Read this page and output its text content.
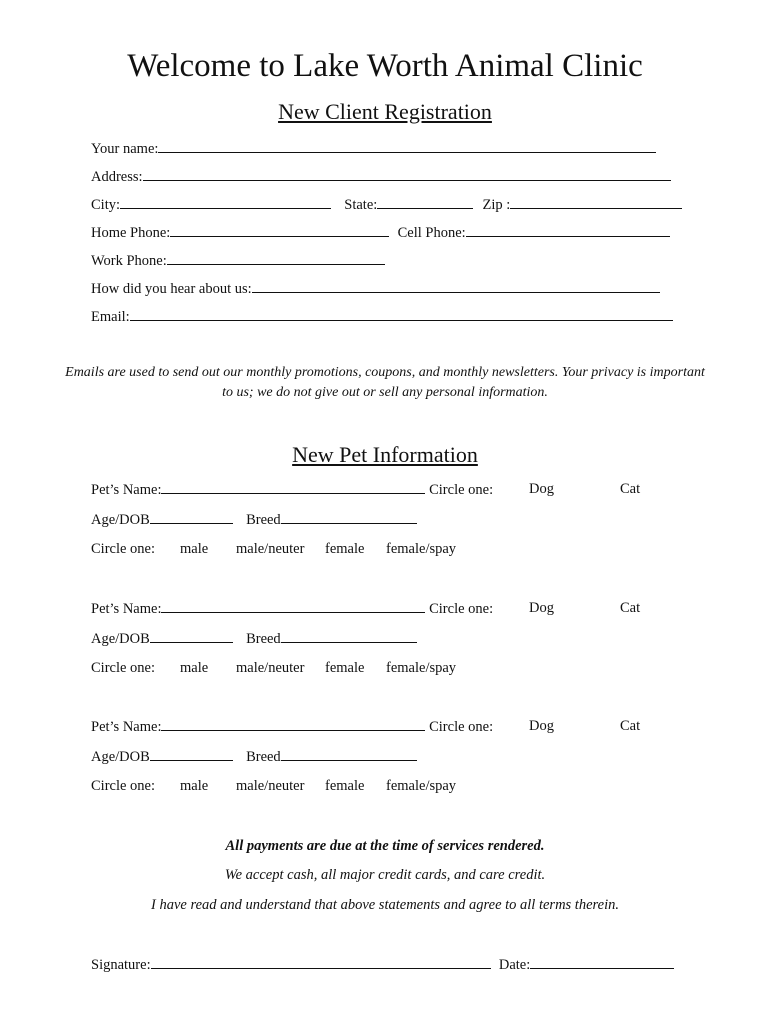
Welcome to Lake Worth Animal Clinic
New Client Registration
Your name:
Address:
City:	State:	Zip :
Home Phone:	Cell Phone:
Work Phone:
How did you hear about us:
Email:
Emails are used to send out our monthly promotions, coupons, and monthly newsletters. Your privacy is important to us; we do not give out or sell any personal information.
New Pet Information
Pet’s Name:	Circle one: Dog	Cat
Age/DOB	Breed
Circle one: male male/neuter female female/spay
Pet’s Name:	Circle one: Dog	Cat
Age/DOB	Breed
Circle one: male male/neuter female female/spay
Pet’s Name:	Circle one: Dog	Cat
Age/DOB	Breed
Circle one: male male/neuter female female/spay
All payments are due at the time of services rendered.
We accept cash, all major credit cards, and care credit.
I have read and understand that above statements and agree to all terms therein.
Signature:	Date:
